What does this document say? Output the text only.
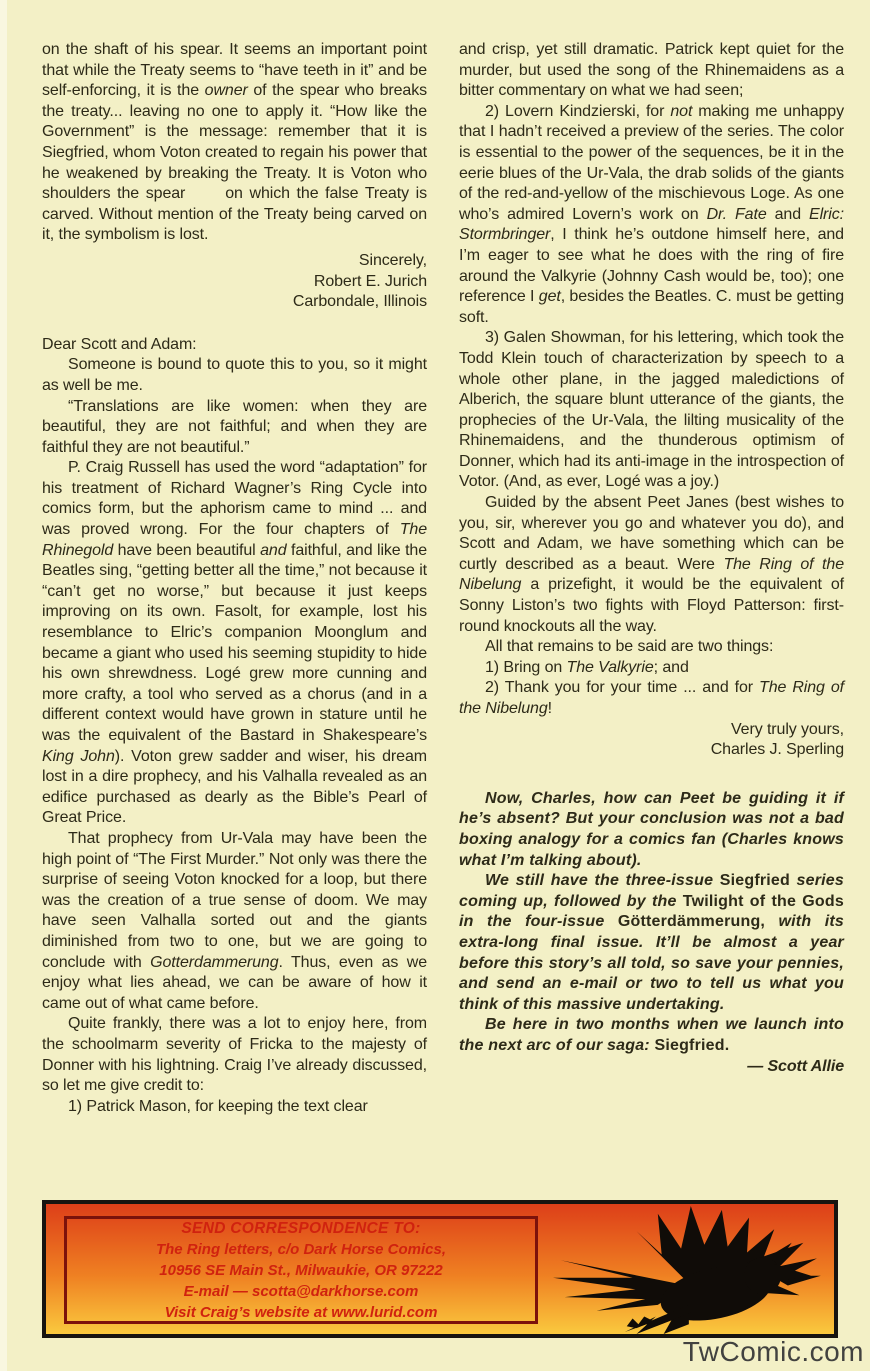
on the shaft of his spear. It seems an important point that while the Treaty seems to “have teeth in it” and be self-enforcing, it is the owner of the spear who breaks the treaty... leaving no one to apply it. “How like the Government” is the message: remember that it is Siegfried, whom Voton created to regain his power that he weakened by breaking the Treaty. It is Voton who shoulders the spear      on which the false Treaty is carved. Without mention of the Treaty being carved on it, the symbolism is lost.
Sincerely,
Robert E. Jurich
Carbondale, Illinois
Dear Scott and Adam:
Someone is bound to quote this to you, so it might as well be me.
“Translations are like women: when they are beautiful, they are not faithful; and when they are faithful they are not beautiful.”
P. Craig Russell has used the word “adaptation” for his treatment of Richard Wagner’s Ring Cycle into comics form, but the aphorism came to mind ... and was proved wrong. For the four chapters of The Rhinegold have been beautiful and faithful, and like the Beatles sing, “getting better all the time,” not because it “can’t get no worse,” but because it just keeps improving on its own. Fasolt, for example, lost his resemblance to Elric’s companion Moonglum and became a giant who used his seeming stupidity to hide his own shrewdness. Logé grew more cunning and more crafty, a tool who served as a chorus (and in a different context would have grown in stature until he was the equivalent of the Bastard in Shakespeare’s King John). Voton grew sadder and wiser, his dream lost in a dire prophecy, and his Valhalla revealed as an edifice purchased as dearly as the Bible’s Pearl of Great Price.
That prophecy from Ur-Vala may have been the high point of “The First Murder.” Not only was there the surprise of seeing Voton knocked for a loop, but there was the creation of a true sense of doom. We may have seen Valhalla sorted out and the giants diminished from two to one, but we are going to conclude with Gotterdammerung. Thus, even as we enjoy what lies ahead, we can be aware of how it came out of what came before.
Quite frankly, there was a lot to enjoy here, from the schoolmarm severity of Fricka to the majesty of Donner with his lightning. Craig I’ve already discussed, so let me give credit to:
1) Patrick Mason, for keeping the text clear
and crisp, yet still dramatic. Patrick kept quiet for the murder, but used the song of the Rhinemaidens as a bitter commentary on what we had seen;
2) Lovern Kindzierski, for not making me unhappy that I hadn’t received a preview of the series. The color is essential to the power of the sequences, be it in the eerie blues of the Ur-Vala, the drab solids of the giants of the red-and-yellow of the mischievous Loge. As one who’s admired Lovern’s work on Dr. Fate and Elric: Stormbringer, I think he’s outdone himself here, and I’m eager to see what he does with the ring of fire around the Valkyrie (Johnny Cash would be, too); one reference I get, besides the Beatles. C. must be getting soft.
3) Galen Showman, for his lettering, which took the Todd Klein touch of characterization by speech to a whole other plane, in the jagged maledictions of Alberich, the square blunt utterance of the giants, the prophecies of the Ur-Vala, the lilting musicality of the Rhinemaidens, and the thunderous optimism of Donner, which had its anti-image in the introspection of Votor. (And, as ever, Logé was a joy.)
Guided by the absent Peet Janes (best wishes to you, sir, wherever you go and whatever you do), and Scott and Adam, we have something which can be curtly described as a beaut. Were The Ring of the Nibelung a prizefight, it would be the equivalent of Sonny Liston’s two fights with Floyd Patterson: first-round knockouts all the way.
All that remains to be said are two things:
1) Bring on The Valkyrie; and
2) Thank you for your time ... and for The Ring of the Nibelung!
Very truly yours,
Charles J. Sperling
Now, Charles, how can Peet be guiding it if he’s absent? But your conclusion was not a bad boxing analogy for a comics fan (Charles knows what I’m talking about).
We still have the three-issue Siegfried series coming up, followed by the Twilight of the Gods in the four-issue Götterdämmerung, with its extra-long final issue. It’ll be almost a year before this story’s all told, so save your pennies, and send an e-mail or two to tell us what you think of this massive undertaking.
Be here in two months when we launch into the next arc of our saga: Siegfried.
— Scott Allie
SEND CORRESPONDENCE TO:
The Ring letters, c/o Dark Horse Comics,
10956 SE Main St., Milwaukie, OR 97222
E-mail — scotta@darkhorse.com
Visit Craig’s website at www.lurid.com
TwComic.com
